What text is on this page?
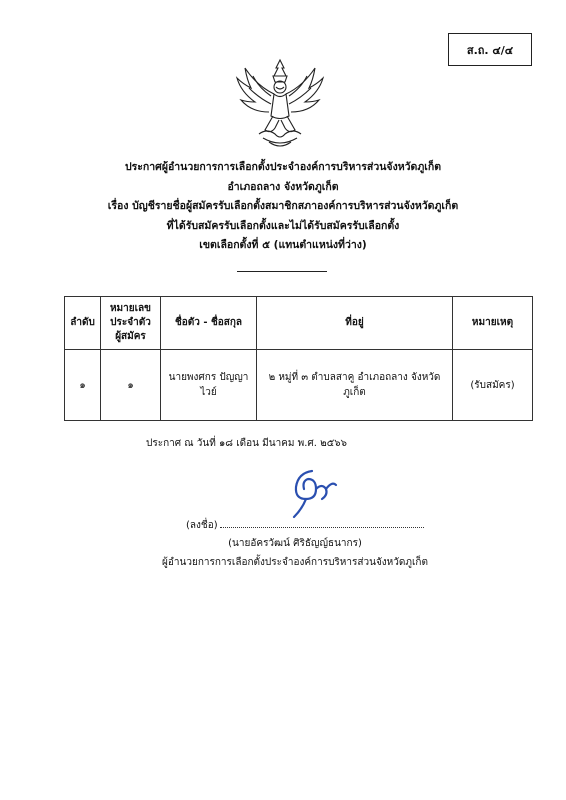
ส.ถ. ๔/๔
ประกาศผู้อำนวยการการเลือกตั้งประจำองค์การบริหารส่วนจังหวัดภูเก็ต
อำเภอถลาง จังหวัดภูเก็ต
เรื่อง บัญชีรายชื่อผู้สมัครรับเลือกตั้งสมาชิกสภาองค์การบริหารส่วนจังหวัดภูเก็ต
ที่ได้รับสมัครรับเลือกตั้งและไม่ได้รับสมัครรับเลือกตั้ง
เขตเลือกตั้งที่ ๕ (แทนตำแหน่งที่ว่าง)
ลำดับ	หมายเลข
ประจำตัว
ผู้สมัคร	ชื่อตัว - ชื่อสกุล	ที่อยู่	หมายเหตุ
๑	๑	นายพงศกร ปัญญาไวย์	๒ หมู่ที่ ๓ ตำบลสาคู อำเภอถลาง จังหวัดภูเก็ต	(รับสมัคร)
ประกาศ ณ วันที่ ๑๘ เดือน มีนาคม พ.ศ. ๒๕๖๖
(ลงชื่อ)
(นายอัครวัฒน์ ศิริธัญญ์ธนากร)
ผู้อำนวยการการเลือกตั้งประจำองค์การบริหารส่วนจังหวัดภูเก็ต
